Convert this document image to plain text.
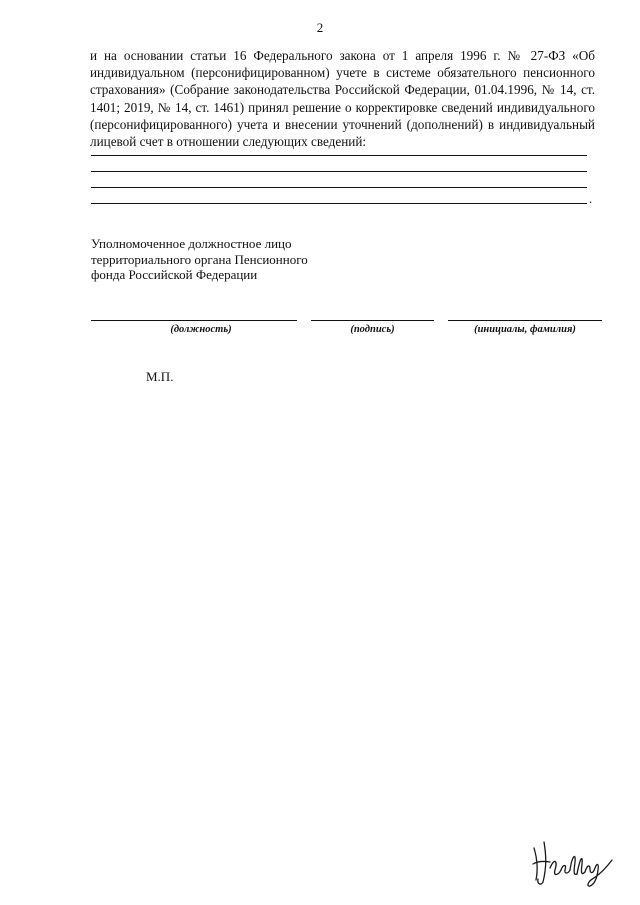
2

и на основании статьи 16 Федерального закона от 1 апреля 1996 г. № 27-ФЗ «Об индивидуальном (персонифицированном) учете в системе обязательного пенсионного страхования» (Собрание законодательства Российской Федерации, 01.04.1996, № 14, ст. 1401; 2019, № 14, ст. 1461) принял решение о корректировке сведений индивидуального (персонифицированного) учета и внесении уточнений (дополнений) в индивидуальный лицевой счет в отношении следующих сведений:

.
Уполномоченное должностное лицо
территориального органа Пенсионного
фонда Российской Федерации
(должность)	(подпись)	(инициалы, фамилия)
М.П.
